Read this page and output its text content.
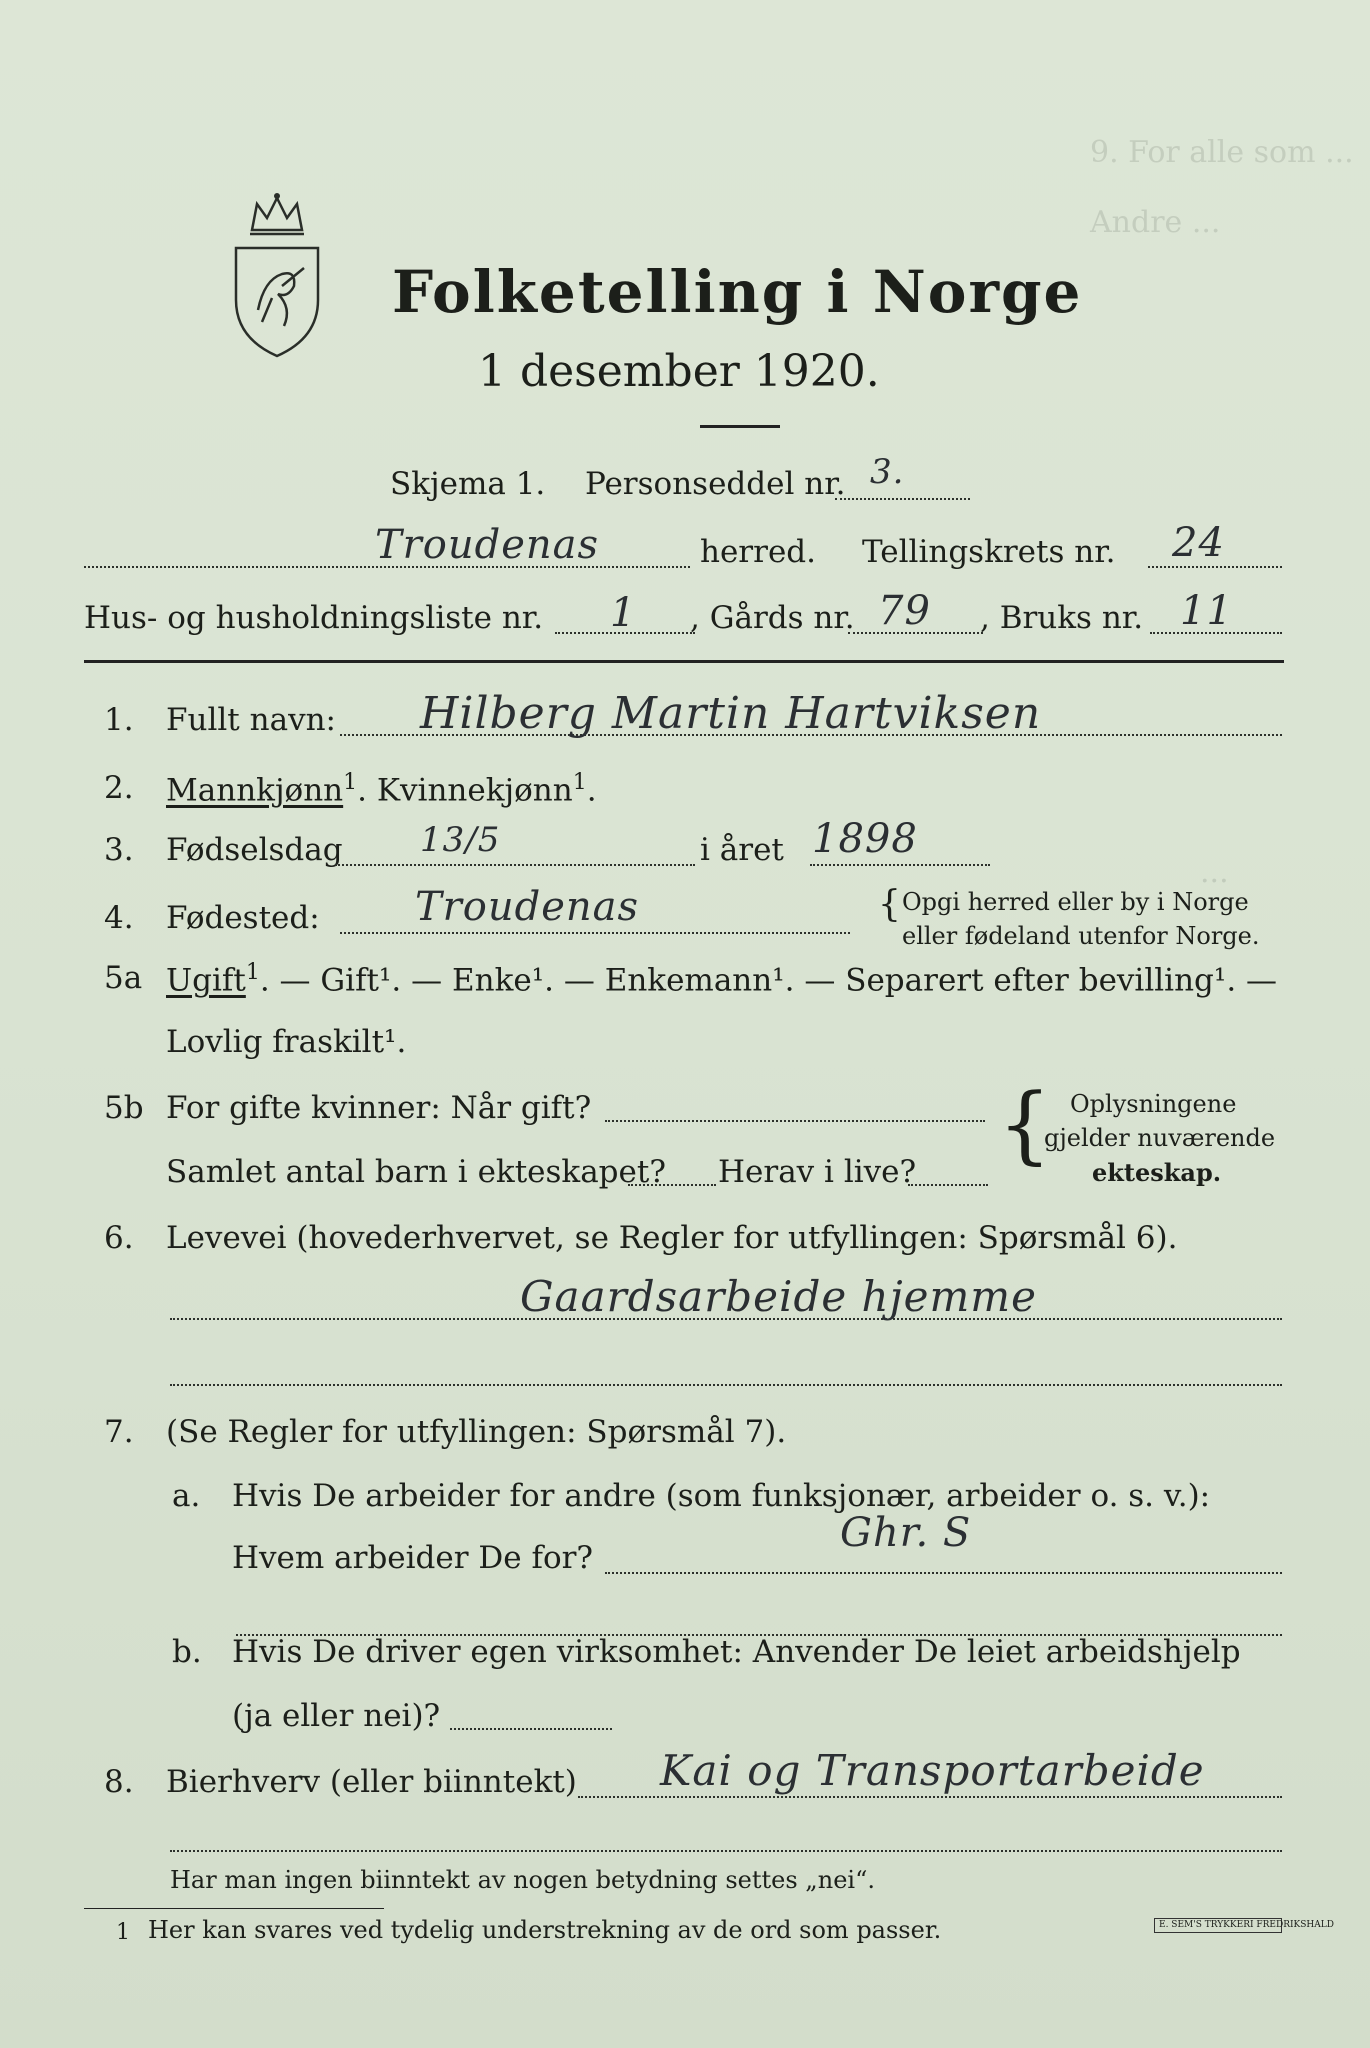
9. For alle som ...
Andre ...
...
Folketelling i Norge
1 desember 1920.
Skjema 1. Personseddel nr. 3.
Troudenas	herred. Tellingskrets nr. 24
Hus- og husholdningsliste nr. 1 , Gårds nr. 79 , Bruks nr. 11
1. Fullt navn: Hilberg Martin Hartviksen
2. Mannkjønn$^1$. Kvinnekjønn$^1$.
3. Fødselsdag 13/5	i året 1898
4. Fødested: Troudenas	{ Opgi herred eller by i Norge
eller fødeland utenfor Norge.
5a Ugift$^1$. — Gift¹. — Enke¹. — Enkemann¹. — Separert efter bevilling¹. —
Lovlig fraskilt¹.
5b For gifte kvinner: Når gift?
Samlet antal barn i ekteskapet? Herav i live? { Oplysningene
gjelder nuværende
ekteskap.
6. Levevei (hovederhvervet, se Regler for utfyllingen: Spørsmål 6).
Gaardsarbeide hjemme
7. (Se Regler for utfyllingen: Spørsmål 7).
a. Hvis De arbeider for andre (som funksjonær, arbeider o. s. v.):
Hvem arbeider De for?
Ghr. S
b. Hvis De driver egen virksomhet: Anvender De leiet arbeidshjelp
(ja eller nei)?
8. Bierhverv (eller biinntekt) Kai og Transportarbeide
Har man ingen biinntekt av nogen betydning settes „nei“.
1 Her kan svares ved tydelig understrekning av de ord som passer.	E. SEM'S TRYKKERI FREDRIKSHALD
